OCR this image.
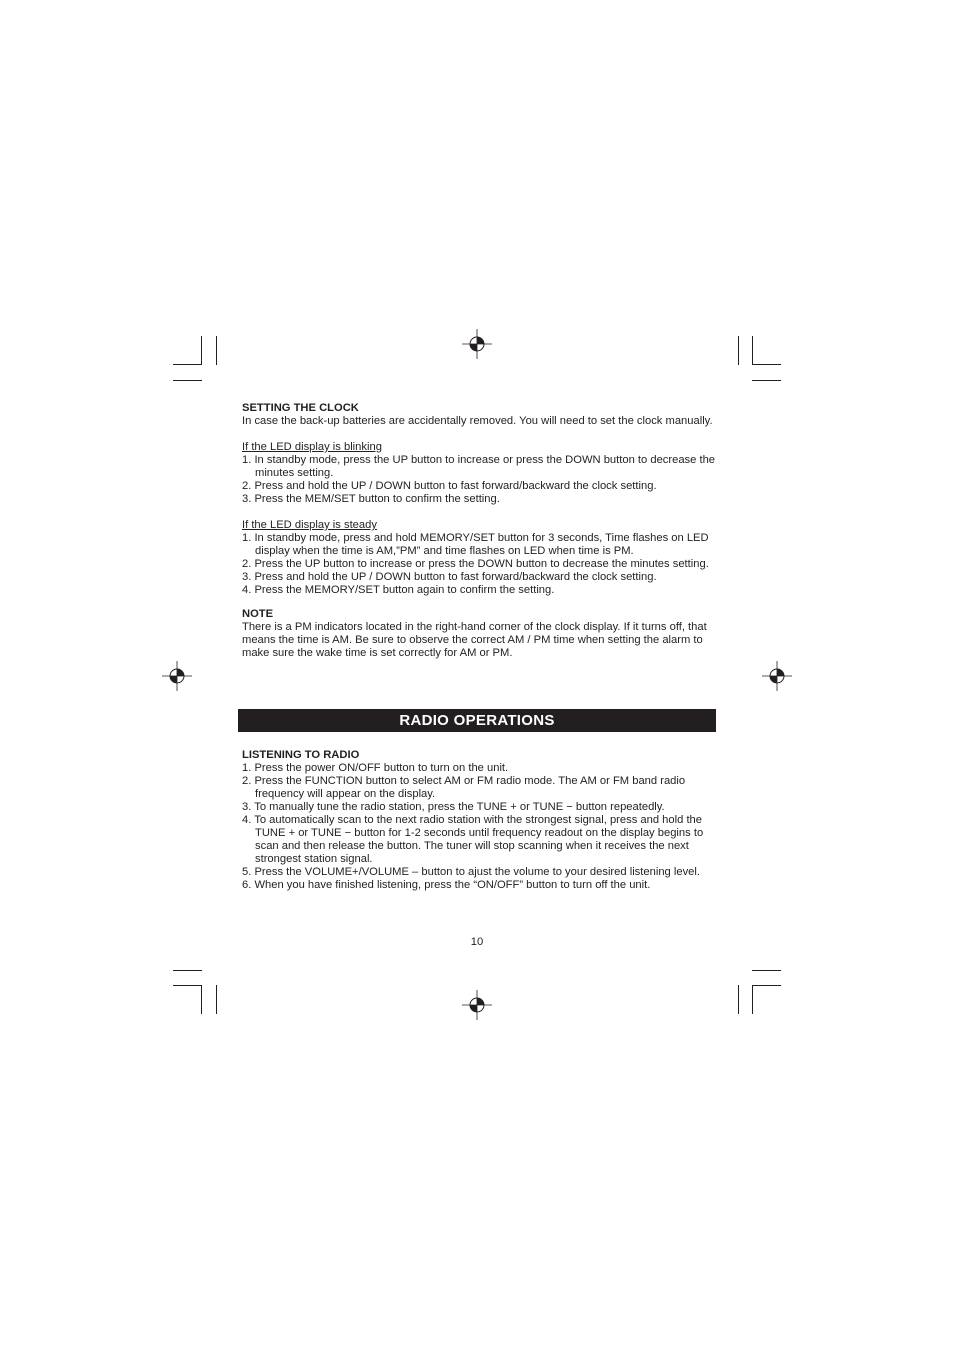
SETTING THE CLOCK
In case the back-up batteries are accidentally removed. You will need to set the clock manually.
If the LED display is blinking
1. In standby mode, press the UP button to increase or press the DOWN button to decrease the minutes setting.
2. Press and hold the UP / DOWN button to fast forward/backward the clock setting.
3. Press the MEM/SET button to confirm the setting.
If the LED display is steady
1. In standby mode, press and hold MEMORY/SET button for 3 seconds, Time flashes on LED display when the time is AM,”PM” and time flashes on LED when time is PM.
2. Press the UP button to increase or press the DOWN button to decrease the minutes setting.
3. Press and hold the UP / DOWN button to fast forward/backward the clock setting.
4. Press the MEMORY/SET button again to confirm the setting.
NOTE
There is a PM indicators located in the right-hand corner of the clock display. If it turns off, that means the time is AM. Be sure to observe the correct AM / PM time when setting the alarm to make sure the wake time is set correctly for AM or PM.
RADIO OPERATIONS
LISTENING TO RADIO
1. Press the power ON/OFF button to turn on the unit.
2. Press the FUNCTION button to select AM or FM radio mode. The AM or FM band radio frequency will appear on the display.
3. To manually tune the radio station, press the TUNE + or TUNE − button repeatedly.
4. To automatically scan to the next radio station with the strongest signal, press and hold the TUNE + or TUNE − button for 1-2 seconds until frequency readout on the display begins to scan and then release the button. The tuner will stop scanning when it receives the next strongest station signal.
5. Press the VOLUME+/VOLUME – button to ajust the volume to your desired listening level.
6. When you have finished listening, press the “ON/OFF” button to turn off the unit.
10
